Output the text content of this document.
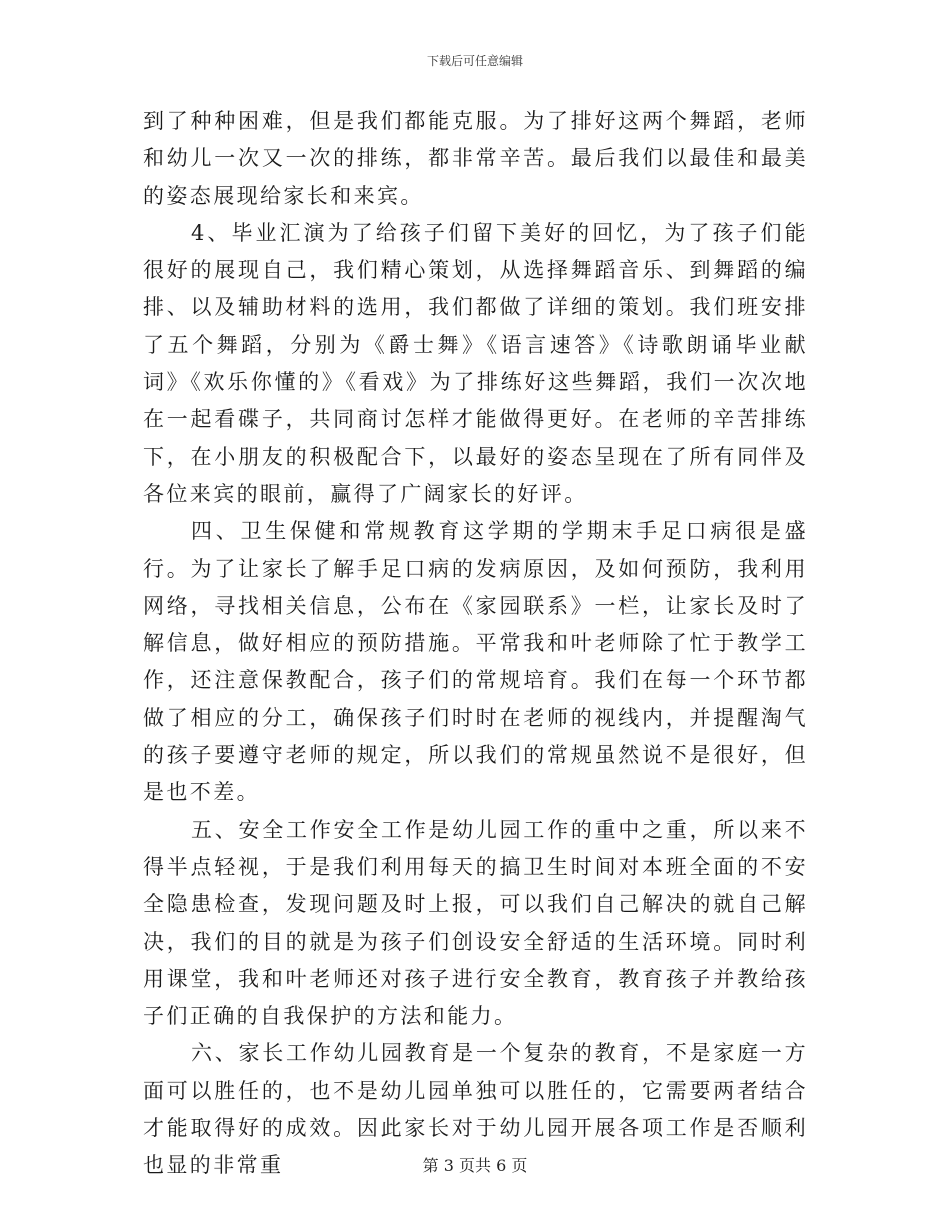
下载后可任意编辑

到了种种困难，但是我们都能克服。为了排好这两个舞蹈，老师和幼儿一次又一次的排练，都非常辛苦。最后我们以最佳和最美的姿态展现给家长和来宾。

4、毕业汇演为了给孩子们留下美好的回忆，为了孩子们能很好的展现自己，我们精心策划，从选择舞蹈音乐、到舞蹈的编排、以及辅助材料的选用，我们都做了详细的策划。我们班安排了五个舞蹈，分别为《爵士舞》《语言速答》《诗歌朗诵毕业献词》《欢乐你懂的》《看戏》为了排练好这些舞蹈，我们一次次地在一起看碟子，共同商讨怎样才能做得更好。在老师的辛苦排练下，在小朋友的积极配合下，以最好的姿态呈现在了所有同伴及各位来宾的眼前，赢得了广阔家长的好评。

四、卫生保健和常规教育这学期的学期末手足口病很是盛行。为了让家长了解手足口病的发病原因，及如何预防，我利用网络，寻找相关信息，公布在《家园联系》一栏，让家长及时了解信息，做好相应的预防措施。平常我和叶老师除了忙于教学工作，还注意保教配合，孩子们的常规培育。我们在每一个环节都做了相应的分工，确保孩子们时时在老师的视线内，并提醒淘气的孩子要遵守老师的规定，所以我们的常规虽然说不是很好，但是也不差。

五、安全工作安全工作是幼儿园工作的重中之重，所以来不得半点轻视，于是我们利用每天的搞卫生时间对本班全面的不安全隐患检查，发现问题及时上报，可以我们自己解决的就自己解决，我们的目的就是为孩子们创设安全舒适的生活环境。同时利用课堂，我和叶老师还对孩子进行安全教育，教育孩子并教给孩子们正确的自我保护的方法和能力。

六、家长工作幼儿园教育是一个复杂的教育，不是家庭一方面可以胜任的，也不是幼儿园单独可以胜任的，它需要两者结合才能取得好的成效。因此家长对于幼儿园开展各项工作是否顺利也显的非常重	第 3 页共 6 页
